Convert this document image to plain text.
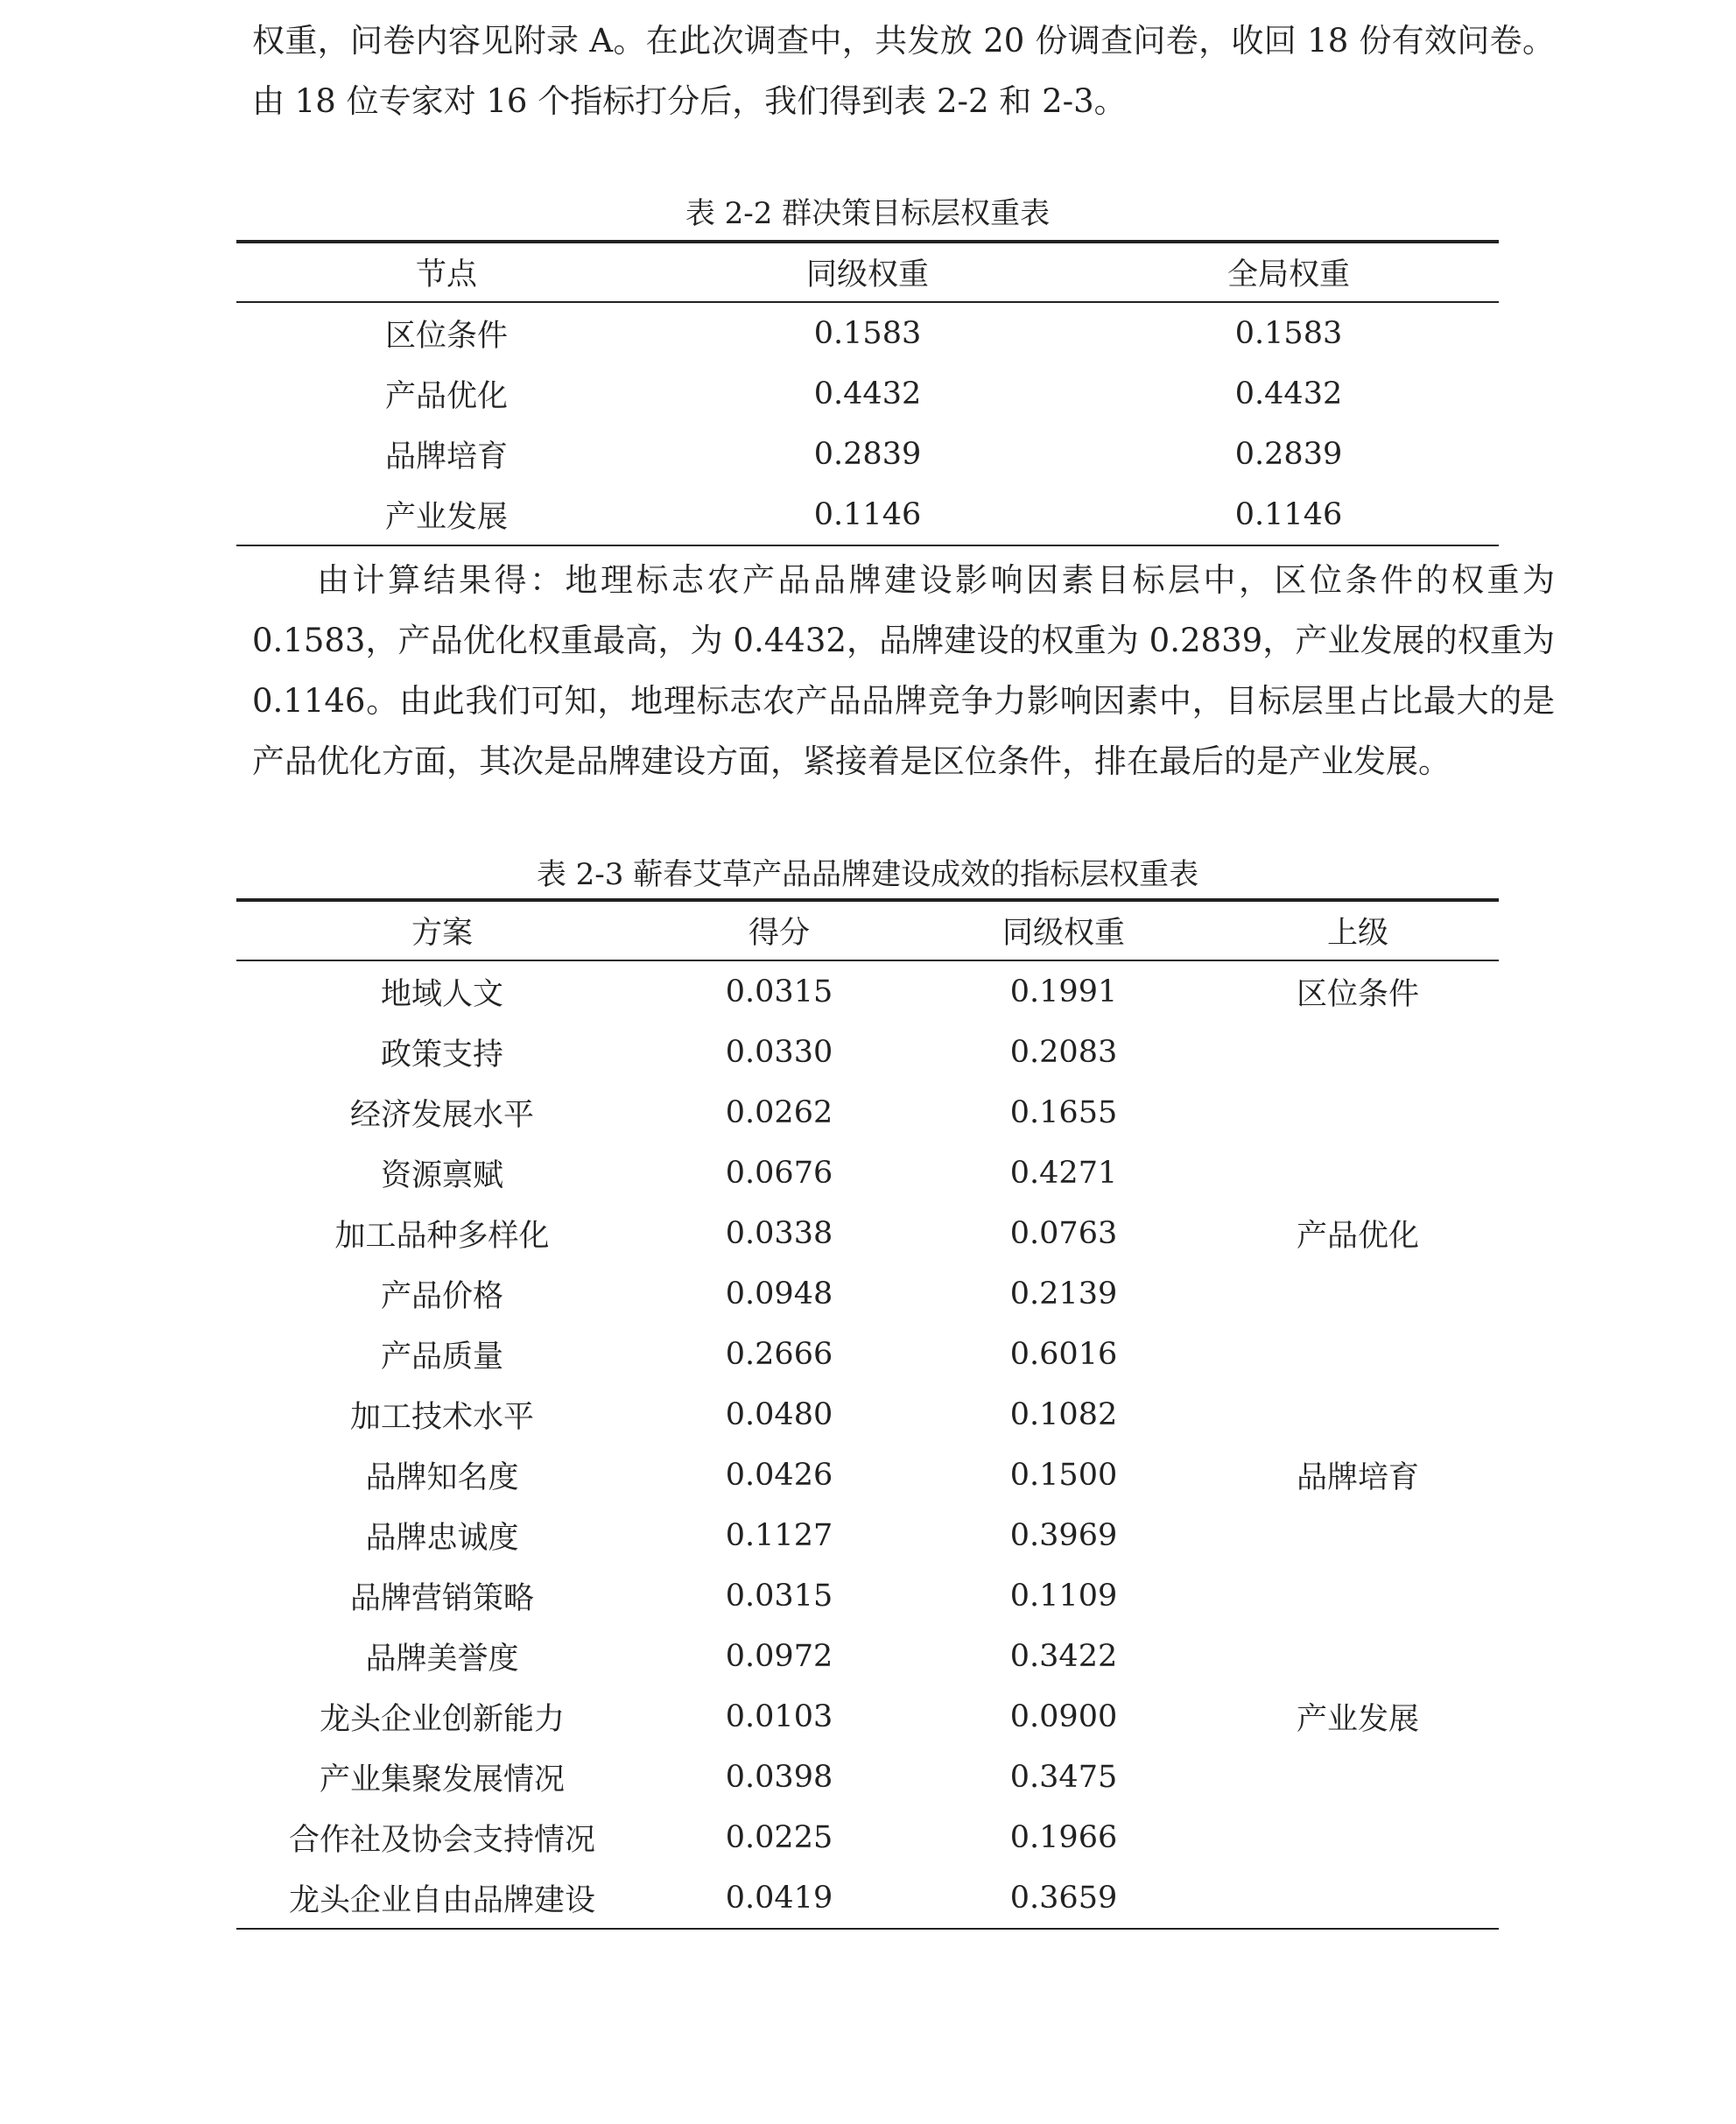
权重，问卷内容见附录 A。在此次调查中，共发放 20 份调查问卷，收回 18 份有效问卷。由 18 位专家对 16 个指标打分后，我们得到表 2-2 和 2-3。

表 2-2 群决策目标层权重表

节点	同级权重	全局权重
区位条件	0.1583	0.1583
产品优化	0.4432	0.4432
品牌培育	0.2839	0.2839
产业发展	0.1146	0.1146

由计算结果得：地理标志农产品品牌建设影响因素目标层中，区位条件的权重为 0.1583，产品优化权重最高，为 0.4432，品牌建设的权重为 0.2839，产业发展的权重为 0.1146。由此我们可知，地理标志农产品品牌竞争力影响因素中，目标层里占比最大的是产品优化方面，其次是品牌建设方面，紧接着是区位条件，排在最后的是产业发展。

表 2-3 蕲春艾草产品品牌建设成效的指标层权重表

方案	得分	同级权重	上级
地域人文	0.0315	0.1991	区位条件
政策支持	0.0330	0.2083	
经济发展水平	0.0262	0.1655	
资源禀赋	0.0676	0.4271	
加工品种多样化	0.0338	0.0763	产品优化
产品价格	0.0948	0.2139	
产品质量	0.2666	0.6016	
加工技术水平	0.0480	0.1082	
品牌知名度	0.0426	0.1500	品牌培育
品牌忠诚度	0.1127	0.3969	
品牌营销策略	0.0315	0.1109	
品牌美誉度	0.0972	0.3422	
龙头企业创新能力	0.0103	0.0900	产业发展
产业集聚发展情况	0.0398	0.3475	
合作社及协会支持情况	0.0225	0.1966	
龙头企业自由品牌建设	0.0419	0.3659	
